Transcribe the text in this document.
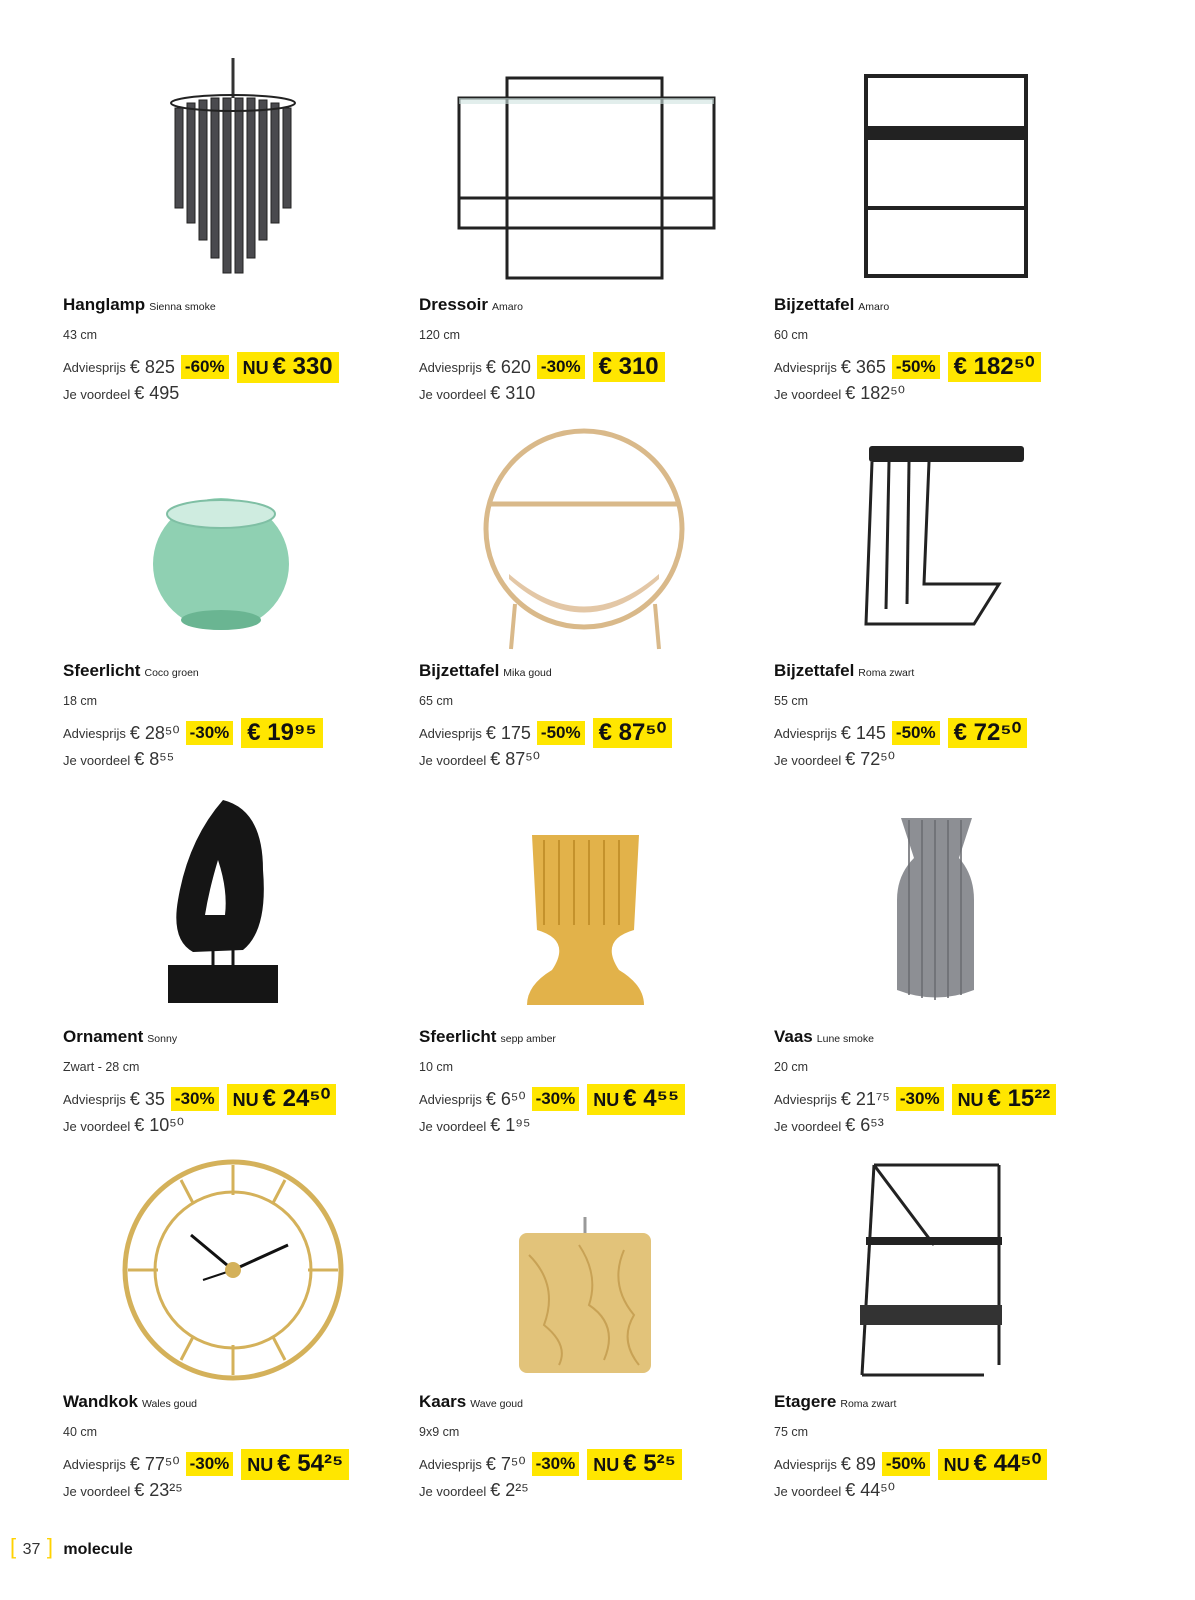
Hanglamp Sienna smoke
43 cm
Adviesprijs € 825 -60%	NU € 330
Je voordeel € 495
Dressoir Amaro
120 cm
Adviesprijs € 620 -30% € 310
Je voordeel € 310
Bijzettafel Amaro
60 cm
Adviesprijs € 365 -50% € 182⁵⁰
Je voordeel € 182⁵⁰
Sfeerlicht Coco groen
18 cm
Adviesprijs € 28⁵⁰ -30% € 19⁹⁵
Je voordeel € 8⁵⁵
Bijzettafel Mika goud
65 cm
Adviesprijs € 175 -50% € 87⁵⁰
Je voordeel € 87⁵⁰
Bijzettafel Roma zwart
55 cm
Adviesprijs € 145 -50% € 72⁵⁰
Je voordeel € 72⁵⁰
Ornament Sonny
Zwart - 28 cm
Adviesprijs € 35 -30%	NU € 24⁵⁰
Je voordeel € 10⁵⁰
Sfeerlicht sepp amber
10 cm
Adviesprijs € 6⁵⁰ -30%	NU € 4⁵⁵
Je voordeel € 1⁹⁵
Vaas Lune smoke
20 cm
Adviesprijs € 21⁷⁵ -30%	NU € 15²²
Je voordeel € 6⁵³
Wandkok Wales goud
40 cm
Adviesprijs € 77⁵⁰ -30%	NU € 54²⁵
Je voordeel € 23²⁵
Kaars Wave goud
9x9 cm
Adviesprijs € 7⁵⁰ -30%	NU € 5²⁵
Je voordeel € 2²⁵
Etagere Roma zwart
75 cm
Adviesprijs € 89 -50%	NU € 44⁵⁰
Je voordeel € 44⁵⁰
[ 37 ] molecule
